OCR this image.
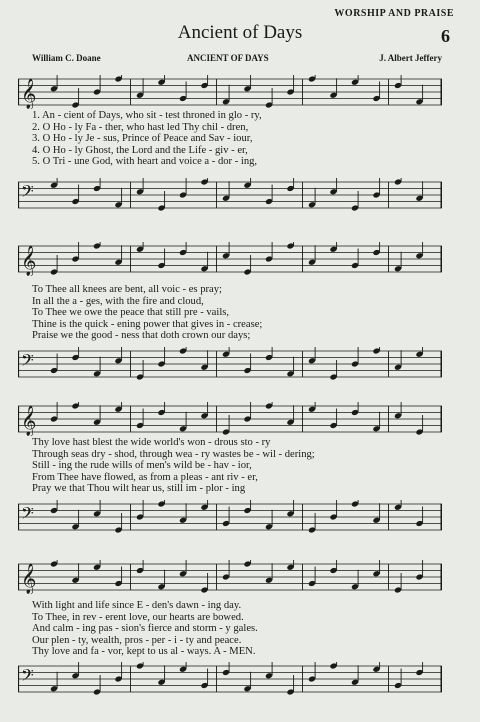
WORSHIP AND PRAISE
6
Ancient of Days
William C. Doane	ANCIENT OF DAYS	J. Albert Jeffery
𝄞
1. An - cient of Days, who sit - test throned in glo - ry,
2. O Ho - ly Fa - ther, who hast led Thy chil - dren,
3. O Ho - ly Je - sus, Prince of Peace and Sav - iour,
4. O Ho - ly Ghost, the Lord and the Life - giv - er,
5. O Tri - une God, with heart and voice a - dor - ing,
𝄢
𝄞
To Thee all knees are bent, all voic - es pray;
In all the a - ges, with the fire and cloud,
To Thee we owe the peace that still pre - vails,
Thine is the quick - ening power that gives in - crease;
Praise we the good - ness that doth crown our days;
𝄢
𝄞
Thy love hast blest the wide world's won - drous sto - ry
Through seas dry - shod, through wea - ry wastes be - wil - dering;
Still - ing the rude wills of men's wild be - hav - ior,
From Thee have flowed, as from a pleas - ant riv - er,
Pray we that Thou wilt hear us, still im - plor - ing
𝄢
𝄞
With light and life since E - den's dawn - ing day.
To Thee, in rev - erent love, our hearts are bowed.
And calm - ing pas - sion's fierce and storm - y gales.
Our plen - ty, wealth, pros - per - i - ty and peace.
Thy love and fa - vor, kept to us al - ways. A - MEN.
𝄢
